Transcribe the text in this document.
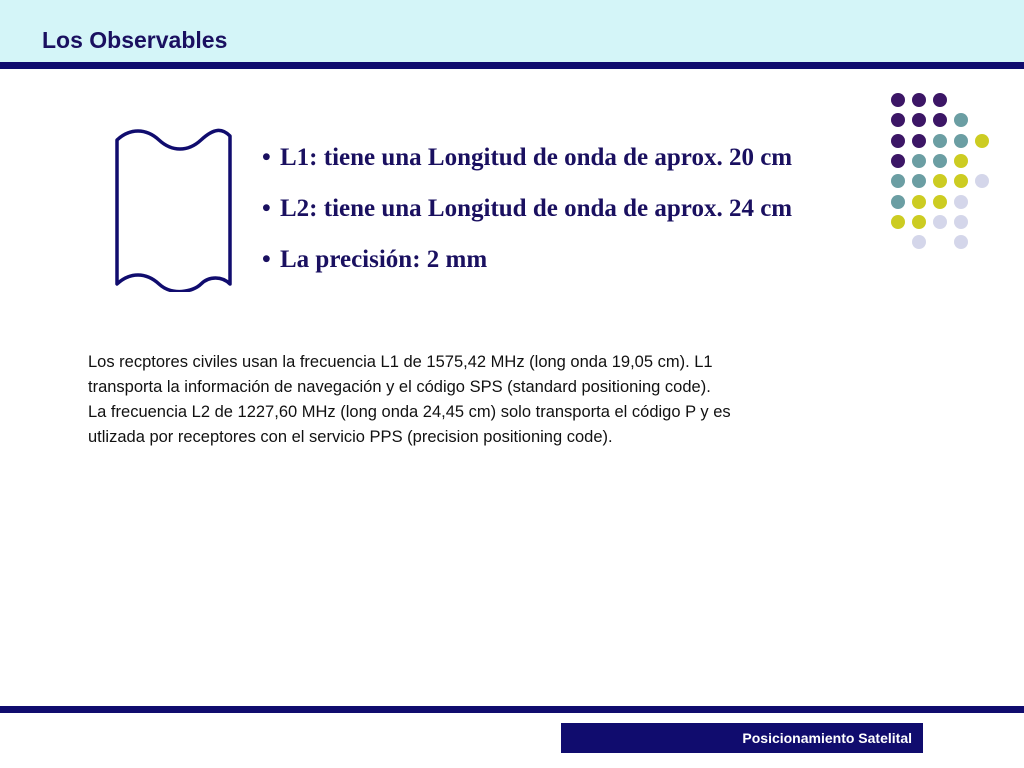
Los Observables
• L1: tiene una Longitud de onda de aprox. 20 cm
• L2: tiene una Longitud de onda de aprox. 24 cm
• La precisión: 2 mm

Los recptores civiles usan la frecuencia L1 de 1575,42 MHz (long onda 19,05 cm). L1
transporta la información de navegación y el código SPS (standard positioning code).
La frecuencia L2 de 1227,60 MHz (long onda 24,45 cm) solo transporta el código P y es
utlizada por receptores con el servicio PPS (precision positioning code).

Posicionamiento Satelital
